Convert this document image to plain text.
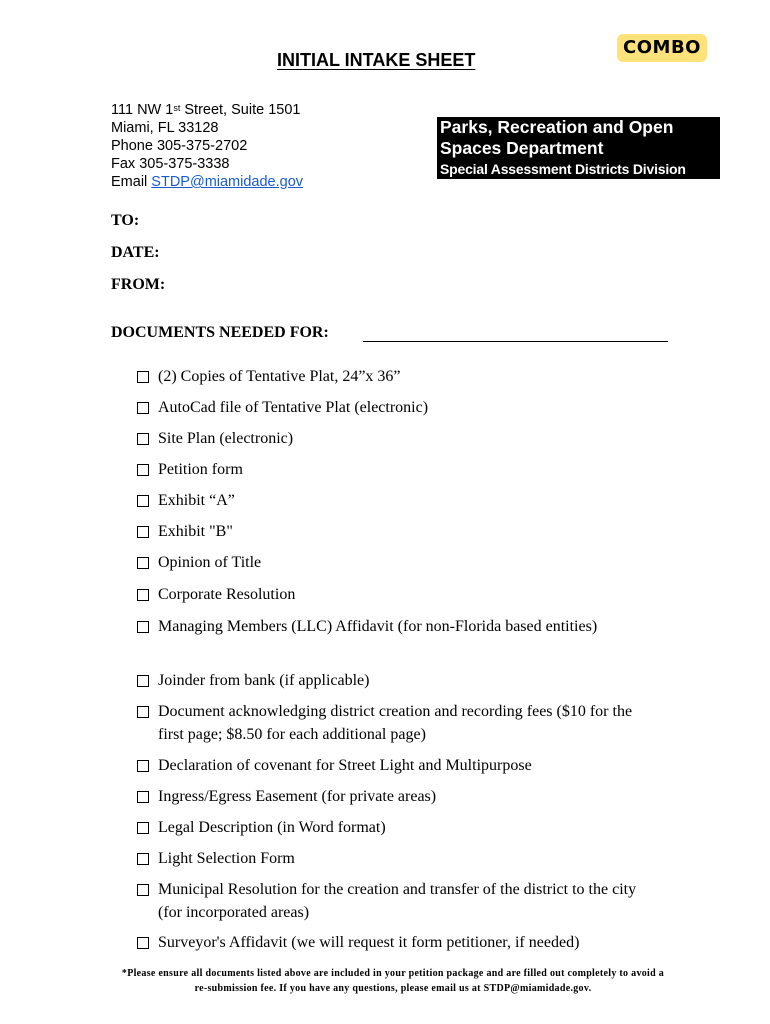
COMBO
INITIAL INTAKE SHEET
111 NW 1st Street, Suite 1501
Miami, FL 33128
Phone 305-375-2702
Fax 305-375-3338
Email STDP@miamidade.gov
Parks, Recreation and Open
Spaces Department
Special Assessment Districts Division
TO:
DATE:
FROM:
DOCUMENTS NEEDED FOR:
(2) Copies of Tentative Plat, 24”x 36”
AutoCad file of Tentative Plat (electronic)
Site Plan (electronic)
Petition form
Exhibit “A”
Exhibit "B"
Opinion of Title
Corporate Resolution
Managing Members (LLC) Affidavit (for non-Florida based entities)
Joinder from bank (if applicable)
Document acknowledging district creation and recording fees ($10 for the first page; $8.50 for each additional page)
Declaration of covenant for Street Light and Multipurpose
Ingress/Egress Easement (for private areas)
Legal Description (in Word format)
Light Selection Form
Municipal Resolution for the creation and transfer of the district to the city (for incorporated areas)
Surveyor's Affidavit (we will request it form petitioner, if needed)
*Please ensure all documents listed above are included in your petition package and are filled out completely to avoid a
re-submission fee. If you have any questions, please email us at STDP@miamidade.gov.
